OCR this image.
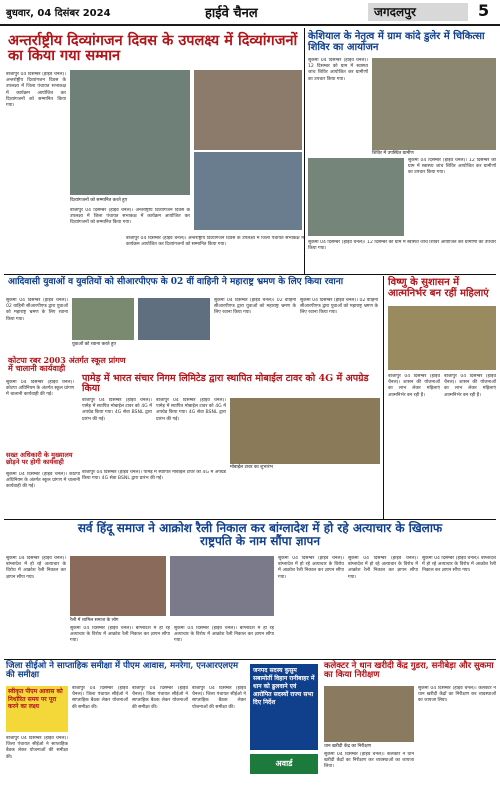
बुधवार, 04 दिसंबर 2024	हाईवे चैनल	जगदलपुर	5
अन्तर्राष्ट्रीय दिव्यांगजन दिवस के उपलक्ष्य में दिव्यांगजनों का किया गया सम्मान
बीजापुर 04 दिसम्बर (हाईवे चैनल)। अन्तर्राष्ट्रीय दिव्यांगजन दिवस के उपलक्ष्य में जिला पंचायत सभाकक्ष में कार्यक्रम आयोजित कर दिव्यांगजनों को सम्मानित किया गया।
दिव्यांगजनों को सम्मानित करते हुए
बीजापुर 04 दिसम्बर (हाईवे चैनल)। अन्तर्राष्ट्रीय दिव्यांगजन दिवस के उपलक्ष्य में जिला पंचायत सभाकक्ष में कार्यक्रम आयोजित कर दिव्यांगजनों को सम्मानित किया गया।
बीजापुर 04 दिसम्बर (हाईवे चैनल)। अन्तर्राष्ट्रीय दिव्यांगजन दिवस के उपलक्ष्य में जिला पंचायत सभाकक्ष में कार्यक्रम आयोजित कर दिव्यांगजनों को सम्मानित किया गया।
केशियाल के नेतृत्व में ग्राम कांदे डुलेर में चिकित्सा शिविर का आयोजन
सुकमा 04 दिसम्बर (हाईवे चैनल)। 12 दिसम्बर को ग्राम में स्वास्थ्य जांच शिविर आयोजित कर ग्रामीणों का उपचार किया गया।
शिविर में उपस्थित ग्रामीण
सुकमा 04 दिसम्बर (हाईवे चैनल)। 12 दिसम्बर को ग्राम में स्वास्थ्य जांच शिविर आयोजित कर ग्रामीणों का उपचार किया गया।
सुकमा 04 दिसम्बर (हाईवे चैनल)। 12 दिसम्बर को ग्राम में स्वास्थ्य जांच शिविर आयोजित कर ग्रामीणों का उपचार किया गया।
आदिवासी युवाओं व युवतियों को सीआरपीएफ के 02 वीं वाहिनी ने महाराष्ट्र भ्रमण के लिए किया रवाना
सुकमा 04 दिसम्बर (हाईवे चैनल)। 02 वाहिनी सीआरपीएफ द्वारा युवाओं को महाराष्ट्र भ्रमण के लिए रवाना किया गया।
युवाओं को रवाना करते हुए
सुकमा 04 दिसम्बर (हाईवे चैनल)। 02 वाहिनी सीआरपीएफ द्वारा युवाओं को महाराष्ट्र भ्रमण के लिए रवाना किया गया।
सुकमा 04 दिसम्बर (हाईवे चैनल)। 02 वाहिनी सीआरपीएफ द्वारा युवाओं को महाराष्ट्र भ्रमण के लिए रवाना किया गया।
कोटपा रबर 2003 अंतर्गत स्कूल प्रांगण में चालानी कार्यवाही
सुकमा 04 दिसम्बर (हाईवे चैनल)। कोटपा अधिनियम के अंतर्गत स्कूल प्रांगण में चालानी कार्यवाही की गई।
विष्णु के सुशासन में आत्मनिर्भर बन रहीं महिलाएं
बीजापुर 04 दिसम्बर (हाईवे चैनल)। शासन की योजनाओं का लाभ लेकर महिलाएं आत्मनिर्भर बन रही हैं।
बीजापुर 04 दिसम्बर (हाईवे चैनल)। शासन की योजनाओं का लाभ लेकर महिलाएं आत्मनिर्भर बन रही हैं।
पामेड़ में भारत संचार निगम लिमिटेड द्वारा स्थापित मोबाईल टावर को 4G में अपग्रेड किया
बीजापुर 04 दिसम्बर (हाईवे चैनल)। पामेड़ में स्थापित मोबाईल टावर को 4G में अपग्रेड किया गया। 4G सेवा BSNL द्वारा प्रारंभ की गई।
बीजापुर 04 दिसम्बर (हाईवे चैनल)। पामेड़ में स्थापित मोबाईल टावर को 4G में अपग्रेड किया गया। 4G सेवा BSNL द्वारा प्रारंभ की गई।
मोबाईल टावर का शुभारंभ
बीजापुर 04 दिसम्बर (हाईवे चैनल)। पामेड़ में स्थापित मोबाईल टावर को 4G में अपग्रेड किया गया। 4G सेवा BSNL द्वारा प्रारंभ की गई।
सख्त अधिकारी के मुख्यालय छोड़ने पर होगी कार्यवाही
सुकमा 04 दिसम्बर (हाईवे चैनल)। कोटपा अधिनियम के अंतर्गत स्कूल प्रांगण में चालानी कार्यवाही की गई।
सर्व हिंदू समाज ने आक्रोश रैली निकाल कर बांग्लादेश में हो रहे अत्याचार के खिलाफ राष्ट्रपति के नाम सौंपा ज्ञापन
सुकमा 04 दिसम्बर (हाईवे चैनल)। बांग्लादेश में हो रहे अत्याचार के विरोध में आक्रोश रैली निकाल कर ज्ञापन सौंपा गया।
रैली में शामिल समाज के लोग
सुकमा 04 दिसम्बर (हाईवे चैनल)। बांग्लादेश में हो रहे अत्याचार के विरोध में आक्रोश रैली निकाल कर ज्ञापन सौंपा गया।
सुकमा 04 दिसम्बर (हाईवे चैनल)। बांग्लादेश में हो रहे अत्याचार के विरोध में आक्रोश रैली निकाल कर ज्ञापन सौंपा गया।
सुकमा 04 दिसम्बर (हाईवे चैनल)। बांग्लादेश में हो रहे अत्याचार के विरोध में आक्रोश रैली निकाल कर ज्ञापन सौंपा गया।
सुकमा 04 दिसम्बर (हाईवे चैनल)। बांग्लादेश में हो रहे अत्याचार के विरोध में आक्रोश रैली निकाल कर ज्ञापन सौंपा गया।
सुकमा 04 दिसम्बर (हाईवे चैनल)। बांग्लादेश में हो रहे अत्याचार के विरोध में आक्रोश रैली निकाल कर ज्ञापन सौंपा गया।
जिला सीईओ ने साप्ताहिक समीक्षा में पीएम आवास, मनरेगा, एनआरएलएम की समीक्षा
स्वीकृत पीएम आवास को निर्धारित समय पर पूरा करने का लक्ष्य
बीजापुर 04 दिसम्बर (हाईवे चैनल)। जिला पंचायत सीईओ ने साप्ताहिक बैठक लेकर योजनाओं की समीक्षा की।
बीजापुर 04 दिसम्बर (हाईवे चैनल)। जिला पंचायत सीईओ ने साप्ताहिक बैठक लेकर योजनाओं की समीक्षा की।
बीजापुर 04 दिसम्बर (हाईवे चैनल)। जिला पंचायत सीईओ ने साप्ताहिक बैठक लेकर योजनाओं की समीक्षा की।
बीजापुर 04 दिसम्बर (हाईवे चैनल)। जिला पंचायत सीईओ ने साप्ताहिक बैठक लेकर योजनाओं की समीक्षा की।
जनपद सदस्य कुसुम सबामोर्ती विहान रानीबाहर में धान को ढुलवाने एवं आरोपित सदस्यों राज्य सभा दिए निर्देश
अवार्ड
कलेक्टर ने धान खरीदी केंद्र गुडरा, सनीबेड़ा और सुकमा का किया निरीक्षण
धान खरीदी केंद्र का निरीक्षण
सुकमा 04 दिसम्बर (हाईवे चैनल)। कलेक्टर ने धान खरीदी केंद्रों का निरीक्षण कर व्यवस्थाओं का जायजा लिया।
सुकमा 04 दिसम्बर (हाईवे चैनल)। कलेक्टर ने धान खरीदी केंद्रों का निरीक्षण कर व्यवस्थाओं का जायजा लिया।
